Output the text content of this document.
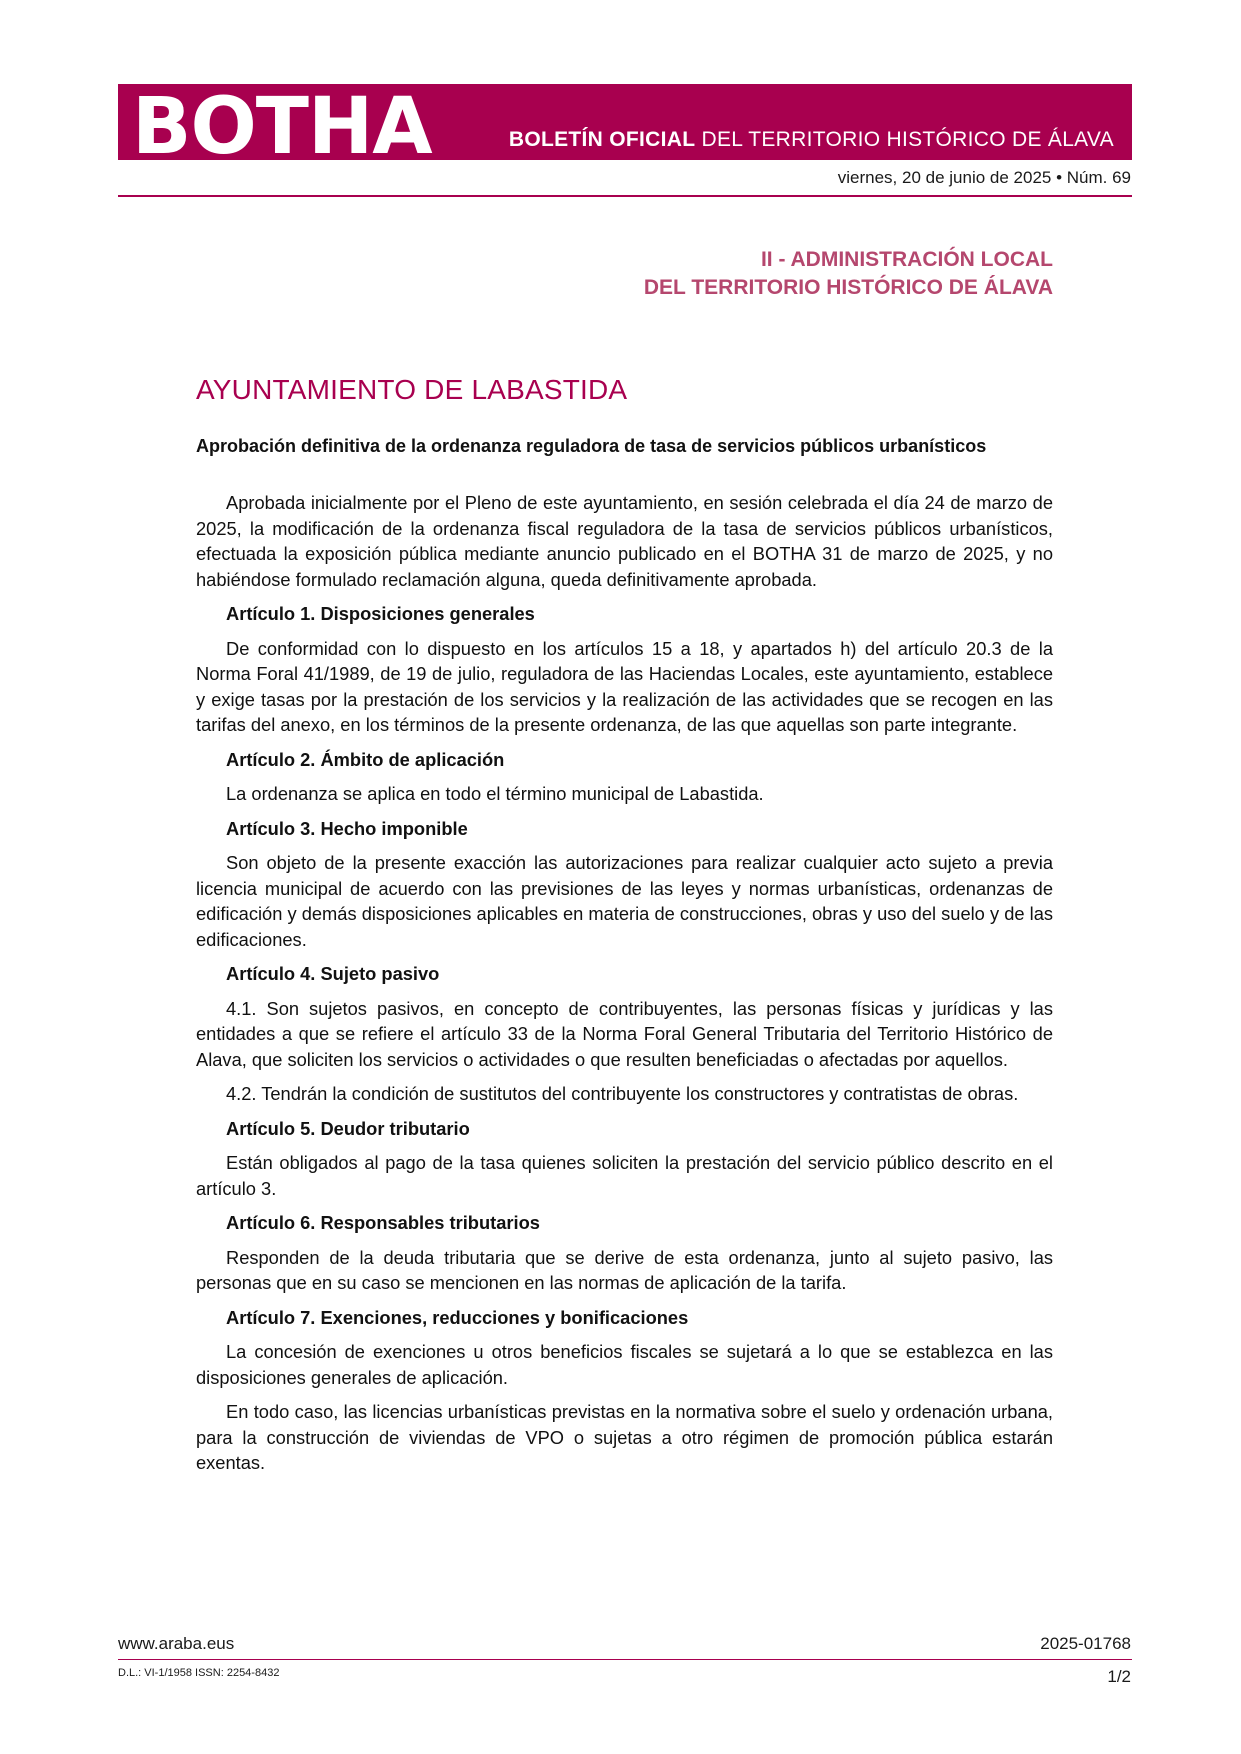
BOTHA	BOLETÍN OFICIAL DEL TERRITORIO HISTÓRICO DE ÁLAVA
viernes, 20 de junio de 2025 • Núm. 69
II - ADMINISTRACIÓN LOCAL
DEL TERRITORIO HISTÓRICO DE ÁLAVA
AYUNTAMIENTO DE LABASTIDA
Aprobación definitiva de la ordenanza reguladora de tasa de servicios públicos urbanísticos

Aprobada inicialmente por el Pleno de este ayuntamiento, en sesión celebrada el día 24 de marzo de 2025, la modificación de la ordenanza fiscal reguladora de la tasa de servicios públicos urbanísticos, efectuada la exposición pública mediante anuncio publicado en el BOTHA 31 de marzo de 2025, y no habiéndose formulado reclamación alguna, queda definitivamente aprobada.

Artículo 1. Disposiciones generales

De conformidad con lo dispuesto en los artículos 15 a 18, y apartados h) del artículo 20.3 de la Norma Foral 41/1989, de 19 de julio, reguladora de las Haciendas Locales, este ayuntamiento, establece y exige tasas por la prestación de los servicios y la realización de las actividades que se recogen en las tarifas del anexo, en los términos de la presente ordenanza, de las que aquellas son parte integrante.

Artículo 2. Ámbito de aplicación

La ordenanza se aplica en todo el término municipal de Labastida.

Artículo 3. Hecho imponible

Son objeto de la presente exacción las autorizaciones para realizar cualquier acto sujeto a previa licencia municipal de acuerdo con las previsiones de las leyes y normas urbanísticas, ordenanzas de edificación y demás disposiciones aplicables en materia de construcciones, obras y uso del suelo y de las edificaciones.

Artículo 4. Sujeto pasivo

4.1. Son sujetos pasivos, en concepto de contribuyentes, las personas físicas y jurídicas y las entidades a que se refiere el artículo 33 de la Norma Foral General Tributaria del Territorio Histórico de Alava, que soliciten los servicios o actividades o que resulten beneficiadas o afectadas por aquellos.

4.2. Tendrán la condición de sustitutos del contribuyente los constructores y contratistas de obras.

Artículo 5. Deudor tributario

Están obligados al pago de la tasa quienes soliciten la prestación del servicio público descrito en el artículo 3.

Artículo 6. Responsables tributarios

Responden de la deuda tributaria que se derive de esta ordenanza, junto al sujeto pasivo, las personas que en su caso se mencionen en las normas de aplicación de la tarifa.

Artículo 7. Exenciones, reducciones y bonificaciones

La concesión de exenciones u otros beneficios fiscales se sujetará a lo que se establezca en las disposiciones generales de aplicación.

En todo caso, las licencias urbanísticas previstas en la normativa sobre el suelo y ordenación urbana, para la construcción de viviendas de VPO o sujetas a otro régimen de promoción pública estarán exentas.

www.araba.eus	2025-01768
D.L.: VI-1/1958 ISSN: 2254-8432	1/2
